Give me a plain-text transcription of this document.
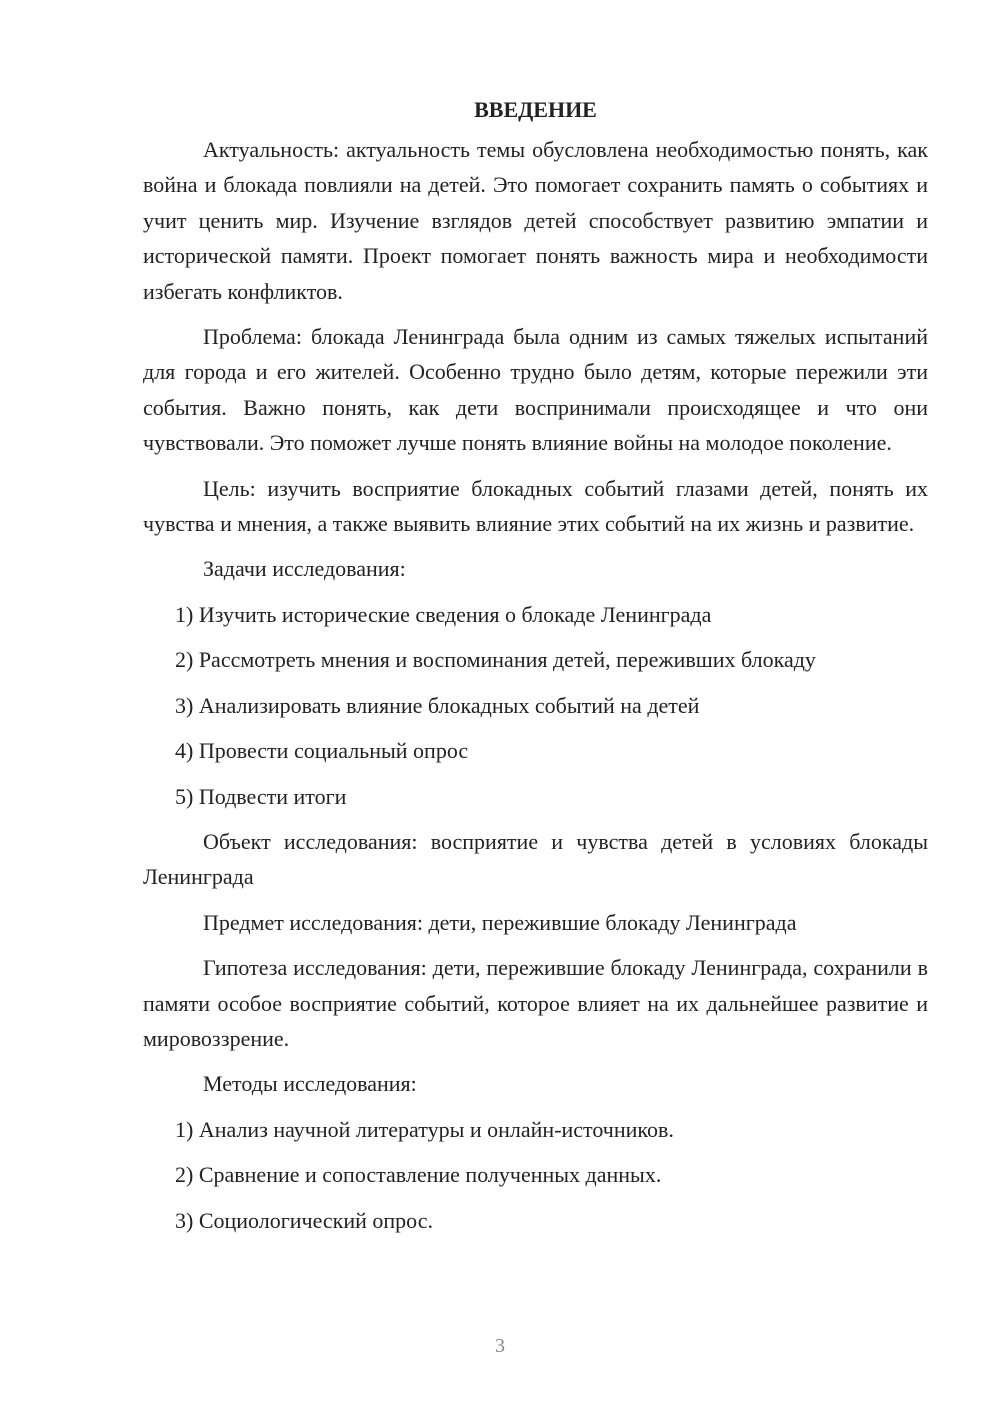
ВВЕДЕНИЕ

Актуальность: актуальность темы обусловлена необходимостью понять, как война и блокада повлияли на детей. Это помогает сохранить память о событиях и учит ценить мир. Изучение взглядов детей способствует развитию эмпатии и исторической памяти. Проект помогает понять важность мира и необходимости избегать конфликтов.

Проблема: блокада Ленинграда была одним из самых тяжелых испытаний для города и его жителей. Особенно трудно было детям, которые пережили эти события. Важно понять, как дети воспринимали происходящее и что они чувствовали. Это поможет лучше понять влияние войны на молодое поколение.

Цель: изучить восприятие блокадных событий глазами детей, понять их чувства и мнения, а также выявить влияние этих событий на их жизнь и развитие.

Задачи исследования:

1) Изучить исторические сведения о блокаде Ленинграда
2) Рассмотреть мнения и воспоминания детей, переживших блокаду
3) Анализировать влияние блокадных событий на детей
4) Провести социальный опрос
5) Подвести итоги

Объект исследования: восприятие и чувства детей в условиях блокады Ленинграда

Предмет исследования: дети, пережившие блокаду Ленинграда

Гипотеза исследования: дети, пережившие блокаду Ленинграда, сохранили в памяти особое восприятие событий, которое влияет на их дальнейшее развитие и мировоззрение.

Методы исследования:

1) Анализ научной литературы и онлайн-источников.
2) Сравнение и сопоставление полученных данных.
3) Социологический опрос.
3
